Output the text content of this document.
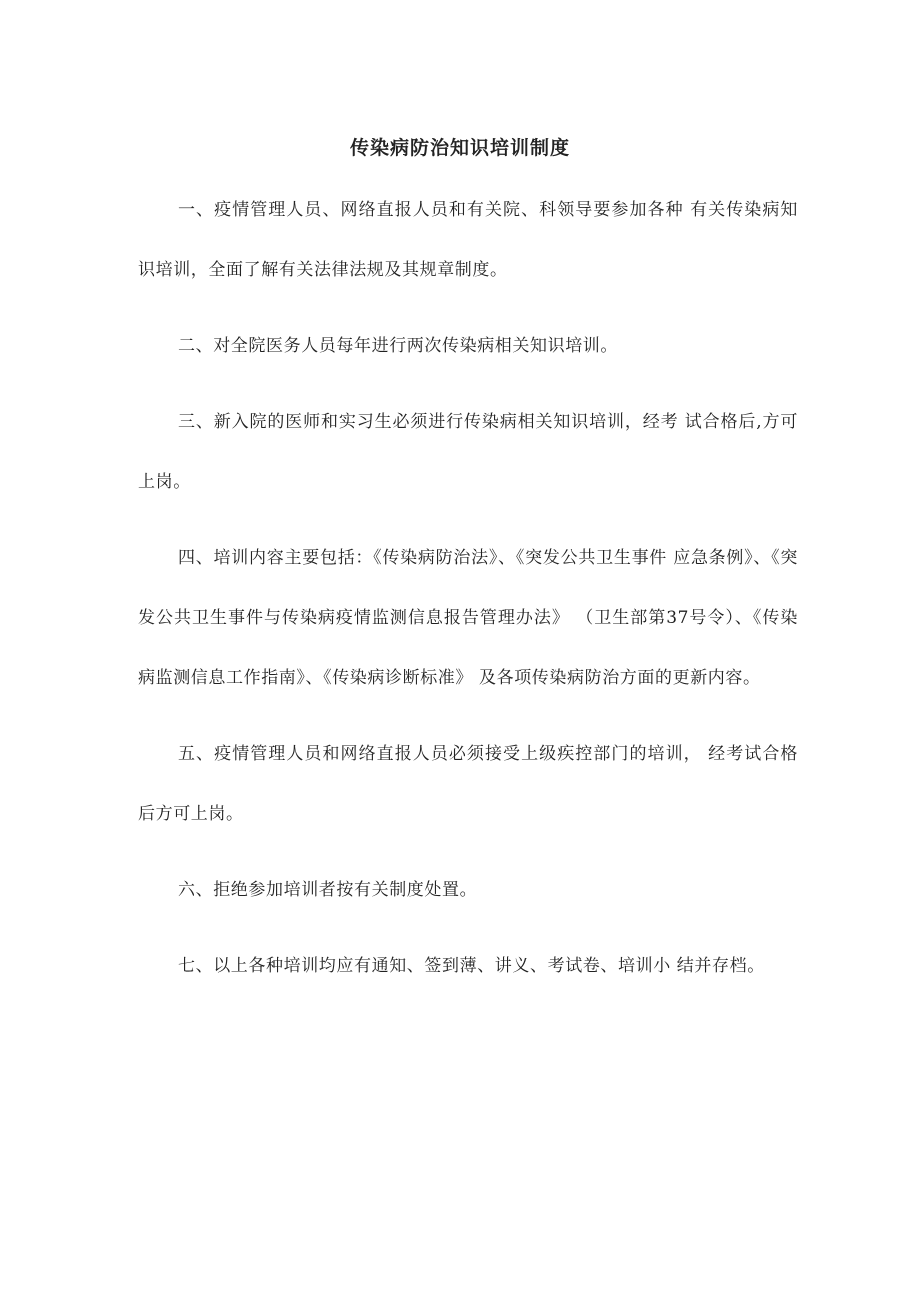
传染病防治知识培训制度

一、疫情管理人员、网络直报人员和有关院、科领导要参加各种 有关传染病知识培训，全面了解有关法律法规及其规章制度。

二、对全院医务人员每年进行两次传染病相关知识培训。

三、新入院的医师和实习生必须进行传染病相关知识培训，经考 试合格后,方可上岗。

四、培训内容主要包括：《传染病防治法》、《突发公共卫生事件 应急条例》、《突发公共卫生事件与传染病疫情监测信息报告管理办法》 （卫生部第37号令）、《传染病监测信息工作指南》、《传染病诊断标准》 及各项传染病防治方面的更新内容。

五、疫情管理人员和网络直报人员必须接受上级疾控部门的培训， 经考试合格后方可上岗。

六、拒绝参加培训者按有关制度处置。

七、以上各种培训均应有通知、签到薄、讲义、考试卷、培训小 结并存档。
